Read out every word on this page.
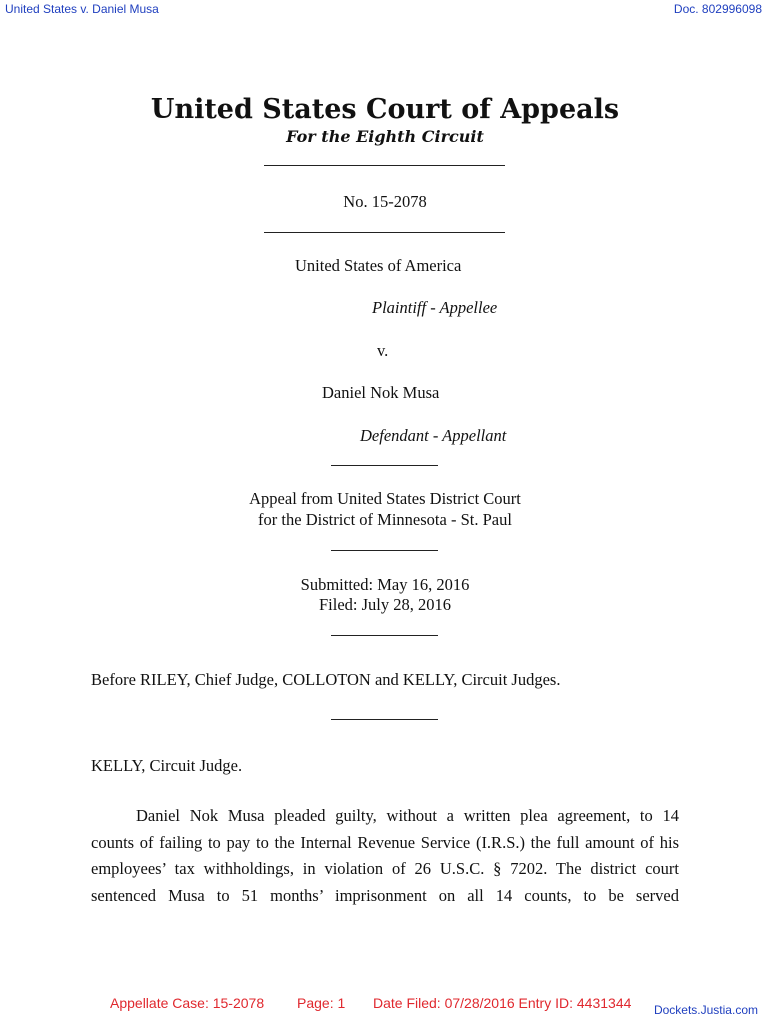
United States v. Daniel Musa	Doc. 802996098
United States Court of Appeals
For the Eighth Circuit
No. 15-2078
United States of America
Plaintiff - Appellee
v.
Daniel Nok Musa
Defendant - Appellant
Appeal from United States District Court
for the District of Minnesota - St. Paul
Submitted: May 16, 2016
Filed: July 28, 2016
Before RILEY, Chief Judge, COLLOTON and KELLY, Circuit Judges.
KELLY, Circuit Judge.
Daniel Nok Musa pleaded guilty, without a written plea agreement, to 14
counts of failing to pay to the Internal Revenue Service (I.R.S.) the full amount of his
employees’ tax withholdings, in violation of 26 U.S.C. § 7202. The district court
sentenced Musa to 51 months’ imprisonment on all 14 counts, to be served
Appellate Case: 15-2078 Page: 1 Date Filed: 07/28/2016 Entry ID: 4431344 Dockets.Justia.com
